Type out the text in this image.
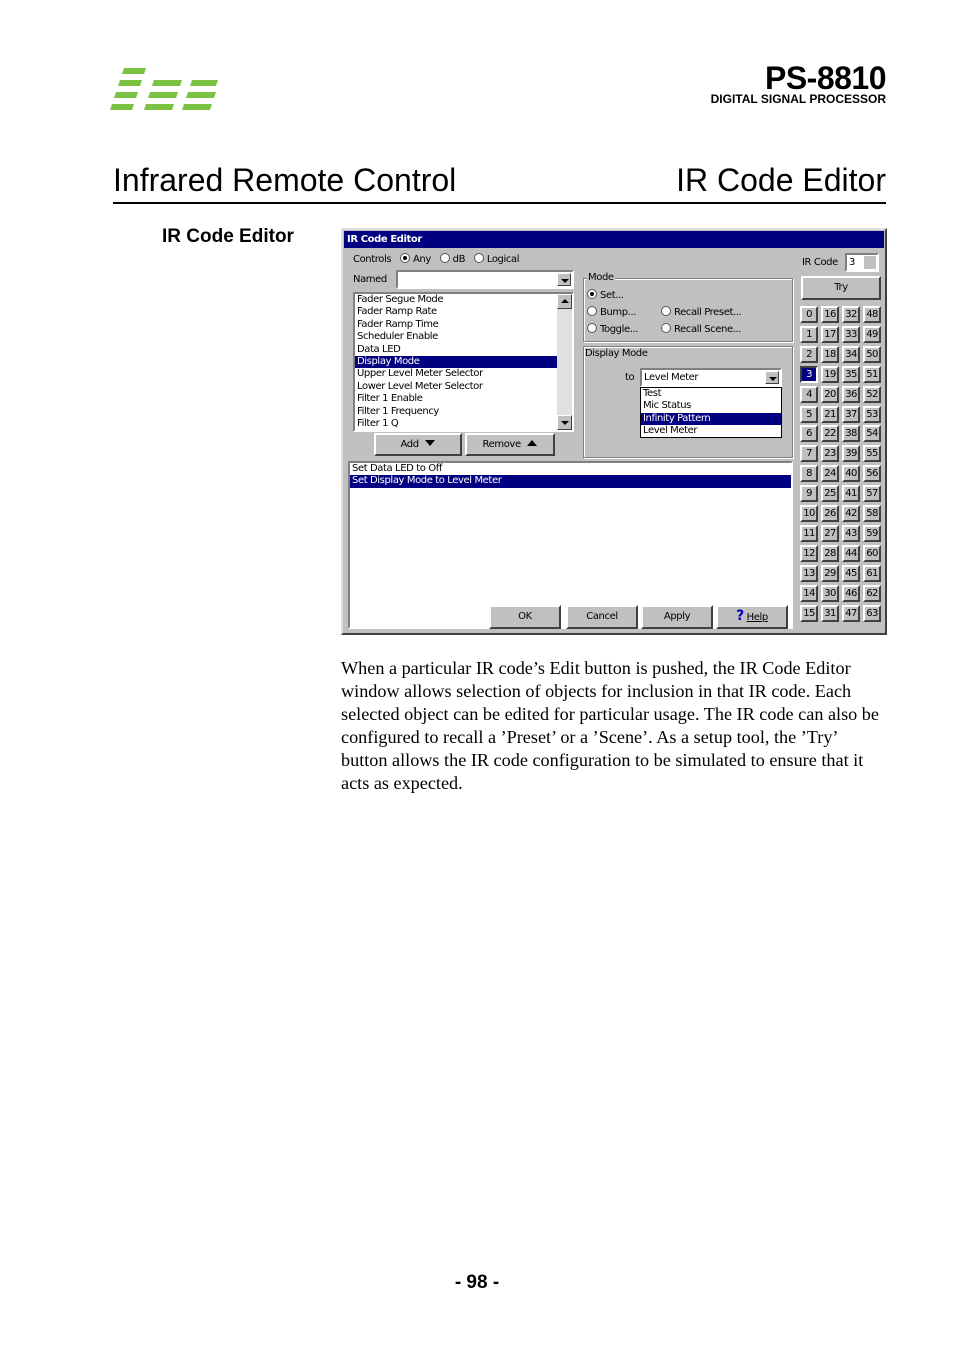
PS-8810
DIGITAL SIGNAL PROCESSOR
Infrared Remote Control	IR Code Editor
IR Code Editor	IR Code Editor
Controls Any dB Logical
Named
Fader Segue Mode
Fader Ramp Rate
Fader Ramp Time
Scheduler Enable
Data LED
Display Mode
Upper Level Meter Selector
Lower Level Meter Selector
Filter 1 Enable
Filter 1 Frequency
Filter 1 Q
Add	Remove
Mode
Set...
Bump...
Toggle...
Recall Preset...
Recall Scene...
Display Mode
to Level Meter
Test
Mic Status
Infinity Pattern
Level Meter
Set Data LED to Off
Set Display Mode to Level Meter
IR Code	3
Try
0	16 32 48
1	17 33 49
2	18 34 50
3	19 35 51
4	20 36 52
5	21 37 53
6	22 38 54
7	23 39 55
8	24 40 56
9	25 41 57
10 26 42 58
11 27 43 59
12 28 44 60
13 29 45 61
14 30 46 62
15 31 47 63
OK	Cancel	Apply	? Help
When a particular IR code’s Edit button is pushed, the IR Code Editor window allows selection of objects for inclusion in that IR code. Each selected object can be edited for particular usage. The IR code can also be configured to recall a ’Preset’ or a ’Scene’. As a setup tool, the ’Try’ button allows the IR code configuration to be simulated to ensure that it acts as expected.
- 98 -
